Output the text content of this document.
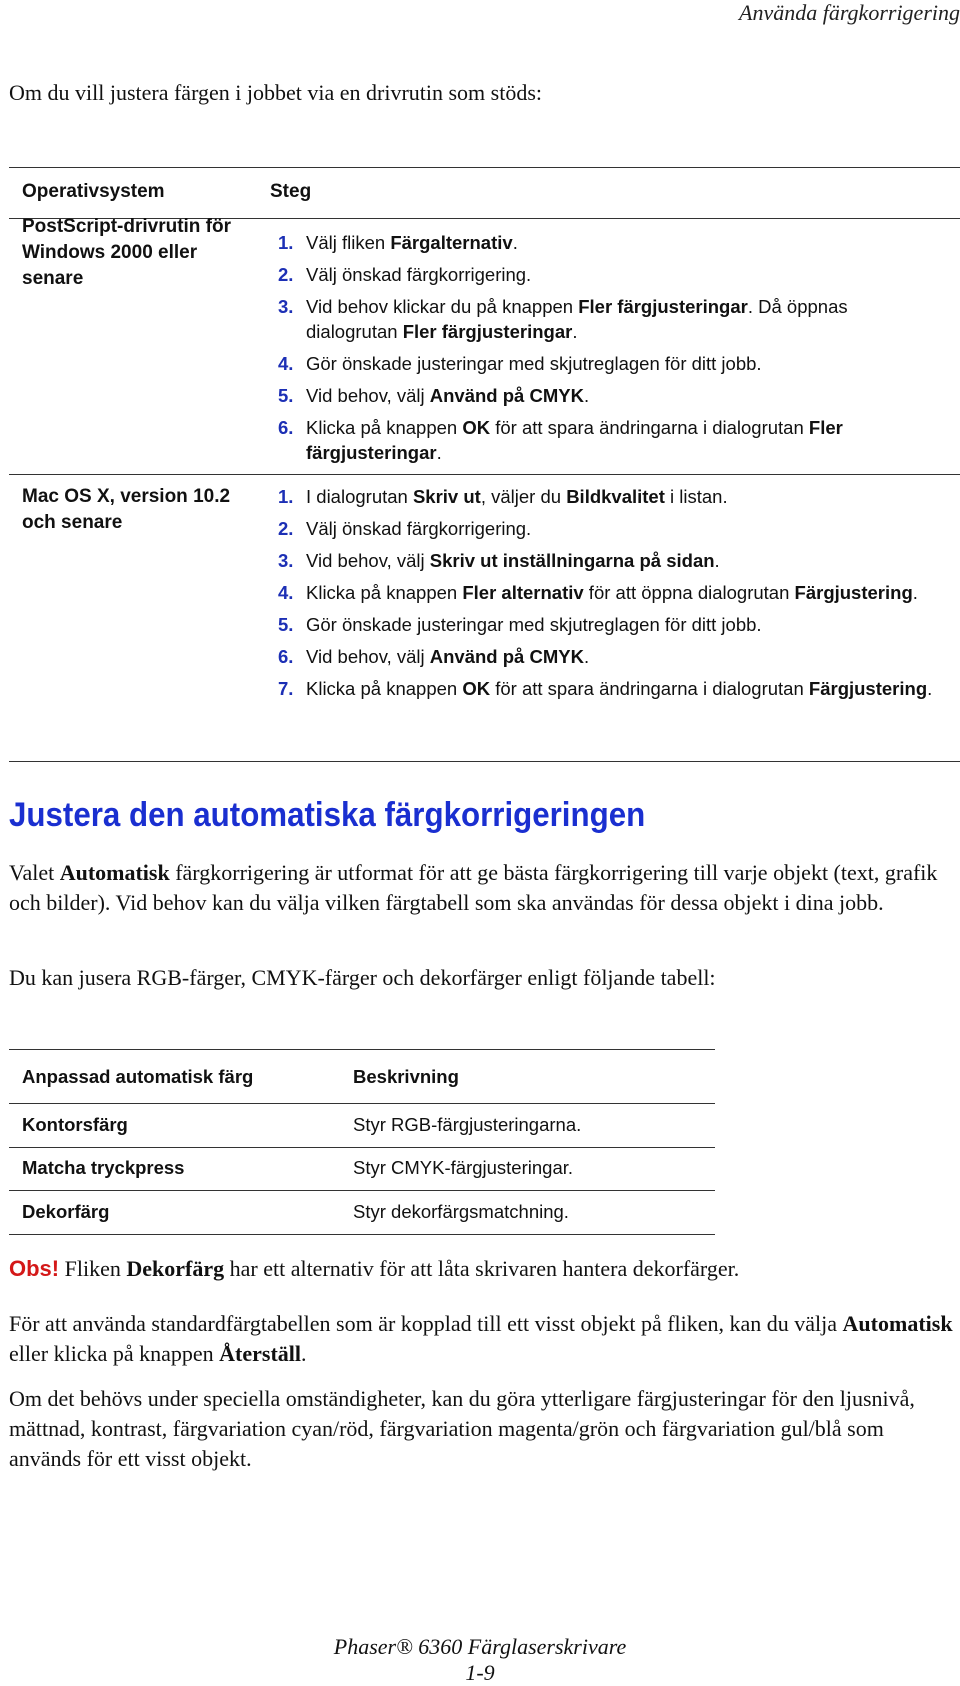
Använda färgkorrigering
Om du vill justera färgen i jobbet via en drivrutin som stöds:
Operativsystem	Steg
PostScript-drivrutin för Windows 2000 eller senare
1. Välj fliken Färgalternativ.
2. Välj önskad färgkorrigering.
3. Vid behov klickar du på knappen Fler färgjusteringar. Då öppnas dialogrutan Fler färgjusteringar.
4. Gör önskade justeringar med skjutreglagen för ditt jobb.
5. Vid behov, välj Använd på CMYK.
6. Klicka på knappen OK för att spara ändringarna i dialogrutan Fler färgjusteringar.
Mac OS X, version 10.2 och senare
1. I dialogrutan Skriv ut, väljer du Bildkvalitet i listan.
2. Välj önskad färgkorrigering.
3. Vid behov, välj Skriv ut inställningarna på sidan.
4. Klicka på knappen Fler alternativ för att öppna dialogrutan Färgjustering.
5. Gör önskade justeringar med skjutreglagen för ditt jobb.
6. Vid behov, välj Använd på CMYK.
7. Klicka på knappen OK för att spara ändringarna i dialogrutan Färgjustering.
Justera den automatiska färgkorrigeringen

Valet Automatisk färgkorrigering är utformat för att ge bästa färgkorrigering till varje objekt (text, grafik och bilder). Vid behov kan du välja vilken färgtabell som ska användas för dessa objekt i dina jobb.

Du kan jusera RGB-färger, CMYK-färger och dekorfärger enligt följande tabell:

Anpassad automatisk färg	Beskrivning
Kontorsfärg	Styr RGB-färgjusteringarna.
Matcha tryckpress	Styr CMYK-färgjusteringar.
Dekorfärg	Styr dekorfärgsmatchning.

Obs! Fliken Dekorfärg har ett alternativ för att låta skrivaren hantera dekorfärger.

För att använda standardfärgtabellen som är kopplad till ett visst objekt på fliken, kan du välja Automatisk eller klicka på knappen Återställ.

Om det behövs under speciella omständigheter, kan du göra ytterligare färgjusteringar för den ljusnivå, mättnad, kontrast, färgvariation cyan/röd, färgvariation magenta/grön och färgvariation gul/blå som används för ett visst objekt.

Phaser® 6360 Färglaserskrivare
1-9
